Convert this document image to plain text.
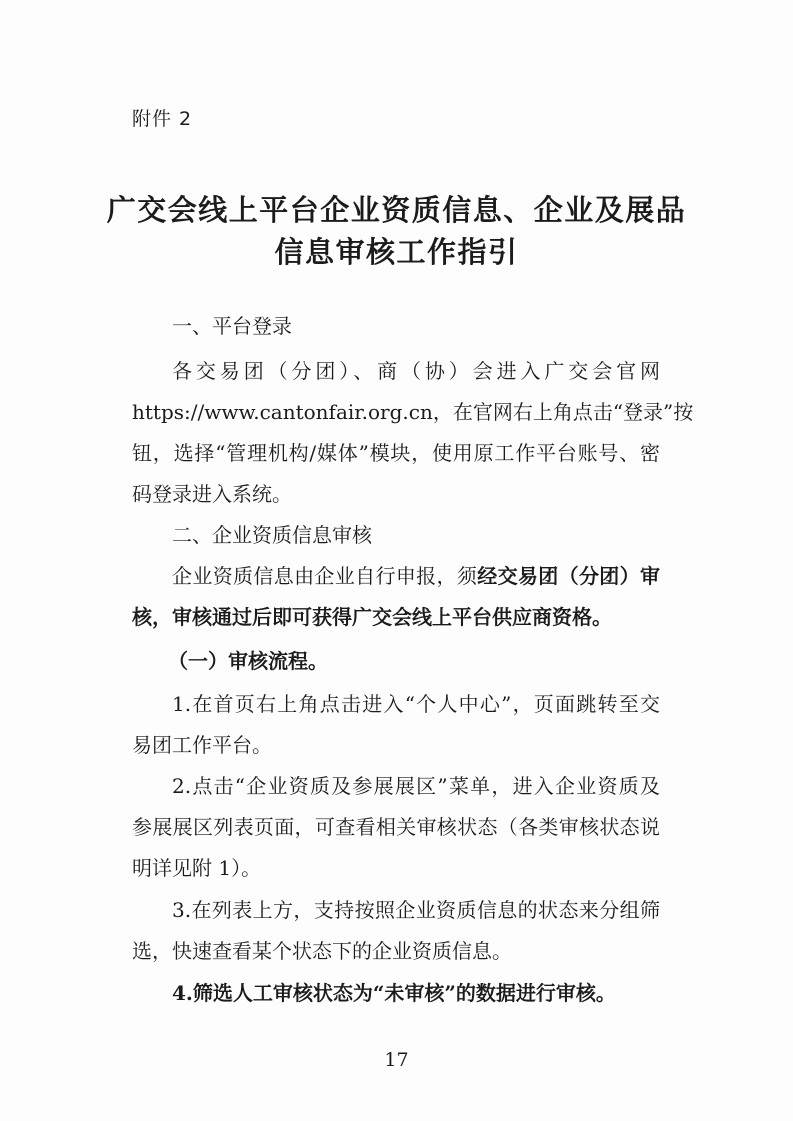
附件 2
广交会线上平台企业资质信息、企业及展品
信息审核工作指引
一、平台登录
各交易团（分团）、商（协）会进入广交会官网
https://www.cantonfair.org.cn，在官网右上角点击“登录”按
钮，选择“管理机构/媒体”模块，使用原工作平台账号、密
码登录进入系统。
二、企业资质信息审核
企业资质信息由企业自行申报，须经交易团（分团）审
核，审核通过后即可获得广交会线上平台供应商资格。
（一）审核流程。
1.在首页右上角点击进入“个人中心”，页面跳转至交
易团工作平台。
2.点击“企业资质及参展展区”菜单，进入企业资质及
参展展区列表页面，可查看相关审核状态（各类审核状态说
明详见附 1）。
3.在列表上方，支持按照企业资质信息的状态来分组筛
选，快速查看某个状态下的企业资质信息。
4.筛选人工审核状态为“未审核”的数据进行审核。
17
